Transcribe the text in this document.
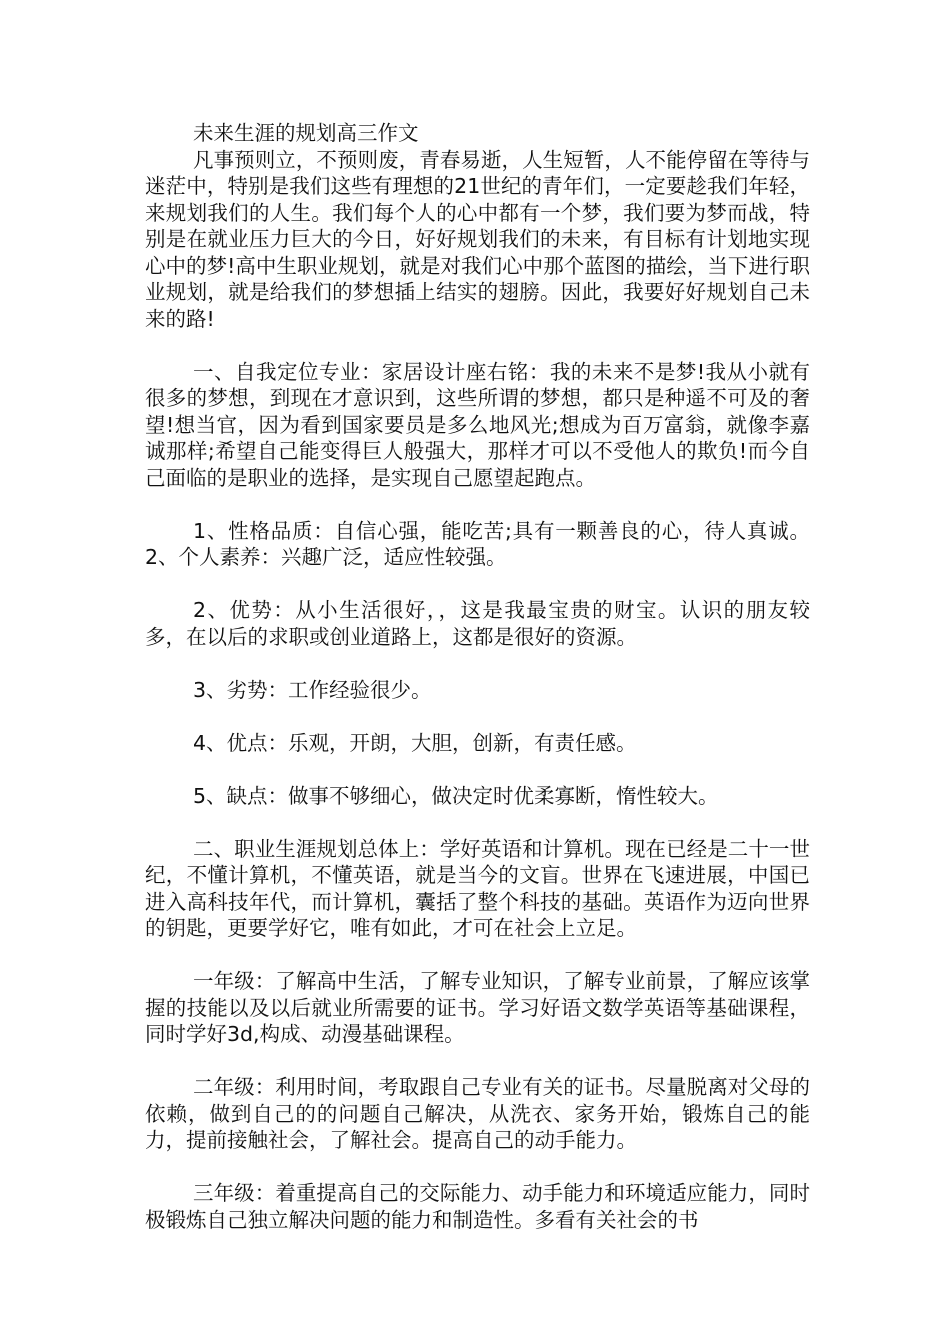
未来生涯的规划高三作文

凡事预则立，不预则废，青春易逝，人生短暂，人不能停留在等待与迷茫中，特别是我们这些有理想的21世纪的青年们，一定要趁我们年轻，来规划我们的人生。我们每个人的心中都有一个梦，我们要为梦而战，特别是在就业压力巨大的今日，好好规划我们的未来，有目标有计划地实现心中的梦!高中生职业规划，就是对我们心中那个蓝图的描绘，当下进行职业规划，就是给我们的梦想插上结实的翅膀。因此，我要好好规划自己未来的路!

一、自我定位专业：家居设计座右铭：我的未来不是梦!我从小就有很多的梦想，到现在才意识到，这些所谓的梦想，都只是种遥不可及的奢望!想当官，因为看到国家要员是多么地风光;想成为百万富翁，就像李嘉诚那样;希望自己能变得巨人般强大，那样才可以不受他人的欺负!而今自己面临的是职业的选择，是实现自己愿望起跑点。

1、性格品质：自信心强，能吃苦;具有一颗善良的心，待人真诚。2、个人素养：兴趣广泛，适应性较强。

2、优势：从小生活很好，，这是我最宝贵的财宝。认识的朋友较多，在以后的求职或创业道路上，这都是很好的资源。

3、劣势：工作经验很少。

4、优点：乐观，开朗，大胆，创新，有责任感。

5、缺点：做事不够细心，做决定时优柔寡断，惰性较大。

二、职业生涯规划总体上：学好英语和计算机。现在已经是二十一世纪，不懂计算机，不懂英语，就是当今的文盲。世界在飞速进展，中国已进入高科技年代，而计算机，囊括了整个科技的基础。英语作为迈向世界的钥匙，更要学好它，唯有如此，才可在社会上立足。

一年级：了解高中生活，了解专业知识，了解专业前景，了解应该掌握的技能以及以后就业所需要的证书。学习好语文数学英语等基础课程，同时学好3d,构成、动漫基础课程。

二年级：利用时间，考取跟自己专业有关的证书。尽量脱离对父母的依赖，做到自己的的问题自己解决，从洗衣、家务开始，锻炼自己的能力，提前接触社会，了解社会。提高自己的动手能力。

三年级：着重提高自己的交际能力、动手能力和环境适应能力，同时极锻炼自己独立解决问题的能力和制造性。多看有关社会的书
